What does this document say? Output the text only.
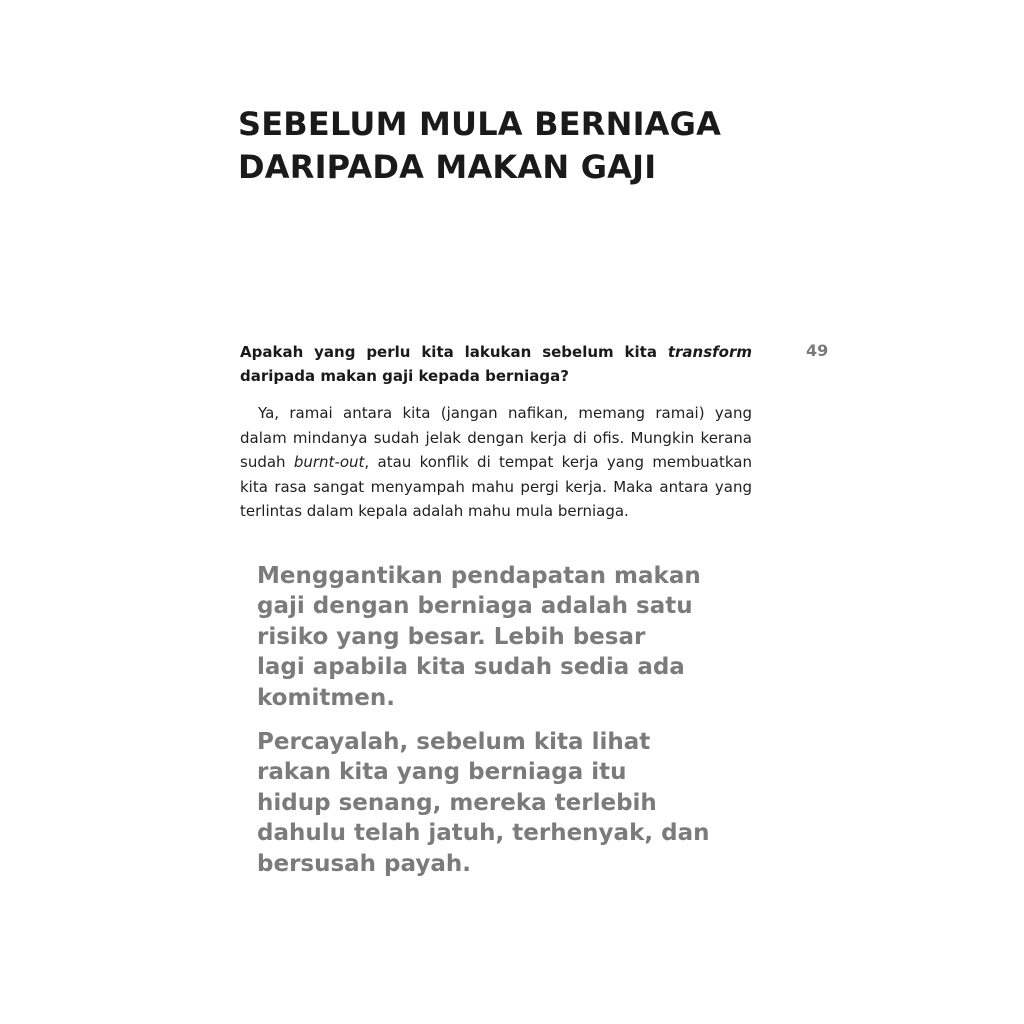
SEBELUM MULA BERNIAGA
DARIPADA MAKAN GAJI
49

Apakah yang perlu kita lakukan sebelum kita transform daripada makan gaji kepada berniaga?

Ya, ramai antara kita (jangan nafikan, memang ramai) yang dalam mindanya sudah jelak dengan kerja di ofis. Mungkin kerana sudah burnt-out, atau konflik di tempat kerja yang membuatkan kita rasa sangat menyampah mahu pergi kerja. Maka antara yang terlintas dalam kepala adalah mahu mula berniaga.

Menggantikan pendapatan makan
gaji dengan berniaga adalah satu
risiko yang besar. Lebih besar
lagi apabila kita sudah sedia ada
komitmen.
Percayalah, sebelum kita lihat
rakan kita yang berniaga itu
hidup senang, mereka terlebih
dahulu telah jatuh, terhenyak, dan
bersusah payah.
